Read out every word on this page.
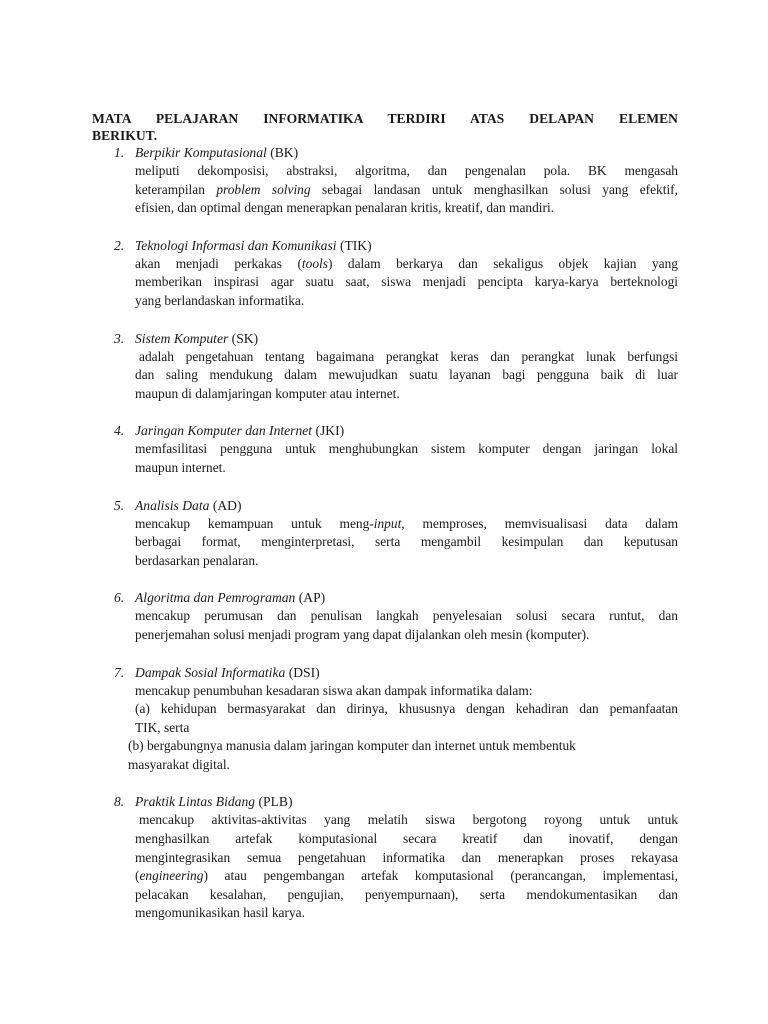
MATA PELAJARAN INFORMATIKA TERDIRI ATAS DELAPAN ELEMEN
BERIKUT.
1. Berpikir Komputasional (BK)
meliputi dekomposisi, abstraksi, algoritma, dan pengenalan pola. BK mengasah
keterampilan problem solving sebagai landasan untuk menghasilkan solusi yang efektif,
efisien, dan optimal dengan menerapkan penalaran kritis, kreatif, dan mandiri.
2. Teknologi Informasi dan Komunikasi (TIK)
akan menjadi perkakas (tools) dalam berkarya dan sekaligus objek kajian yang
memberikan inspirasi agar suatu saat, siswa menjadi pencipta karya-karya berteknologi
yang berlandaskan informatika.
3. Sistem Komputer (SK)
adalah pengetahuan tentang bagaimana perangkat keras dan perangkat lunak berfungsi
dan saling mendukung dalam mewujudkan suatu layanan bagi pengguna baik di luar
maupun di dalamjaringan komputer atau internet.
4. Jaringan Komputer dan Internet (JKI)
memfasilitasi pengguna untuk menghubungkan sistem komputer dengan jaringan lokal
maupun internet.
5. Analisis Data (AD)
mencakup kemampuan untuk meng-input, memproses, memvisualisasi data dalam
berbagai format, menginterpretasi, serta mengambil kesimpulan dan keputusan
berdasarkan penalaran.
6. Algoritma dan Pemrograman (AP)
mencakup perumusan dan penulisan langkah penyelesaian solusi secara runtut, dan
penerjemahan solusi menjadi program yang dapat dijalankan oleh mesin (komputer).
7. Dampak Sosial Informatika (DSI)
mencakup penumbuhan kesadaran siswa akan dampak informatika dalam:
(a) kehidupan bermasyarakat dan dirinya, khususnya dengan kehadiran dan pemanfaatan
TIK, serta
(b) bergabungnya manusia dalam jaringan komputer dan internet untuk membentuk
masyarakat digital.
8. Praktik Lintas Bidang (PLB)
mencakup aktivitas-aktivitas yang melatih siswa bergotong royong untuk untuk
menghasilkan artefak komputasional secara kreatif dan inovatif, dengan
mengintegrasikan semua pengetahuan informatika dan menerapkan proses rekayasa
(engineering) atau pengembangan artefak komputasional (perancangan, implementasi,
pelacakan kesalahan, pengujian, penyempurnaan), serta mendokumentasikan dan
mengomunikasikan hasil karya.
